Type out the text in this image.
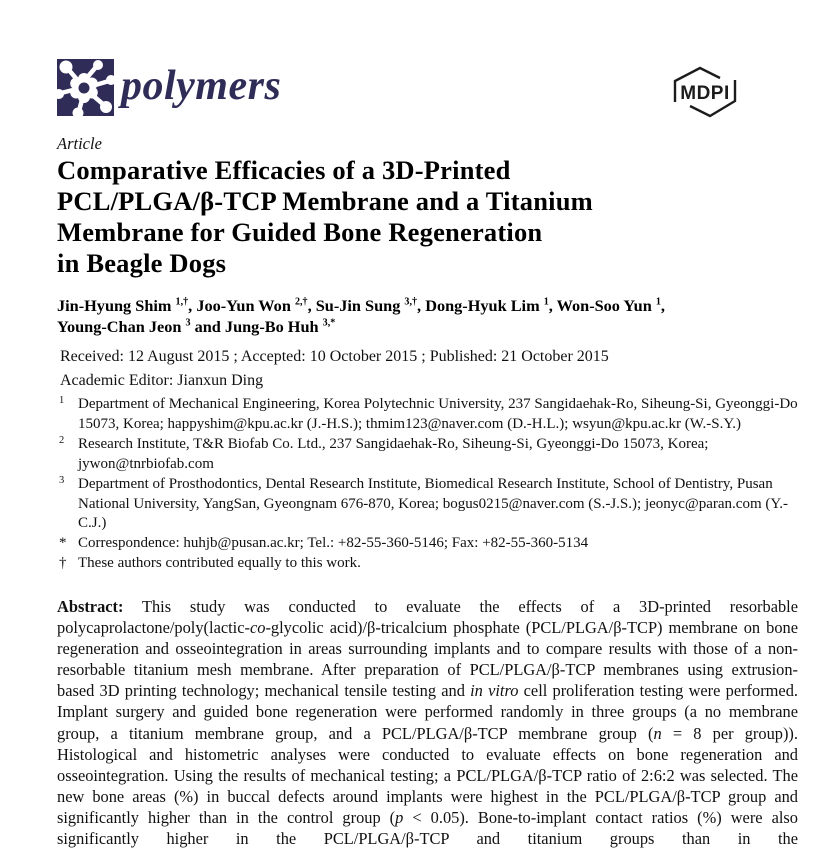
polymers	MDPI
Article
Comparative Efficacies of a 3D-Printed
PCL/PLGA/β-TCP Membrane and a Titanium
Membrane for Guided Bone Regeneration
in Beagle Dogs
Jin-Hyung Shim $^{1,\dagger}$, Joo-Yun Won $^{2,\dagger}$, Su-Jin Sung $^{3,\dagger}$, Dong-Hyuk Lim $^1$, Won-Soo Yun $^1$,
Young-Chan Jeon $^3$ and Jung-Bo Huh $^{3,*}$
Received: 12 August 2015 ; Accepted: 10 October 2015 ; Published: 21 October 2015
Academic Editor: Jianxun Ding
1 Department of Mechanical Engineering, Korea Polytechnic University, 237 Sangidaehak-Ro, Siheung-Si, Gyeonggi-Do 15073, Korea; happyshim@kpu.ac.kr (J.-H.S.); thmim123@naver.com (D.-H.L.); wsyun@kpu.ac.kr (W.-S.Y.)
2 Research Institute, T&R Biofab Co. Ltd., 237 Sangidaehak-Ro, Siheung-Si, Gyeonggi-Do 15073, Korea; jywon@tnrbiofab.com
3 Department of Prosthodontics, Dental Research Institute, Biomedical Research Institute, School of Dentistry, Pusan National University, YangSan, Gyeongnam 676-870, Korea; bogus0215@naver.com (S.-J.S.); jeonyc@paran.com (Y.-C.J.)
* Correspondence: huhjb@pusan.ac.kr; Tel.: +82-55-360-5146; Fax: +82-55-360-5134
† These authors contributed equally to this work.
Abstract: This study was conducted to evaluate the effects of a 3D-printed resorbable polycaprolactone/poly(lactic-co-glycolic acid)/β-tricalcium phosphate (PCL/PLGA/β-TCP) membrane on bone regeneration and osseointegration in areas surrounding implants and to compare results with those of a non-resorbable titanium mesh membrane. After preparation of PCL/PLGA/β-TCP membranes using extrusion-based 3D printing technology; mechanical tensile testing and in vitro cell proliferation testing were performed. Implant surgery and guided bone regeneration were performed randomly in three groups (a no membrane group, a titanium membrane group, and a PCL/PLGA/β-TCP membrane group (n = 8 per group)). Histological and histometric analyses were conducted to evaluate effects on bone regeneration and osseointegration. Using the results of mechanical testing; a PCL/PLGA/β-TCP ratio of 2:6:2 was selected. The new bone areas (%) in buccal defects around implants were highest in the PCL/PLGA/β-TCP group and significantly higher than in the control group (p < 0.05). Bone-to-implant contact ratios (%) were also significantly higher in the PCL/PLGA/β-TCP and titanium groups than in the
